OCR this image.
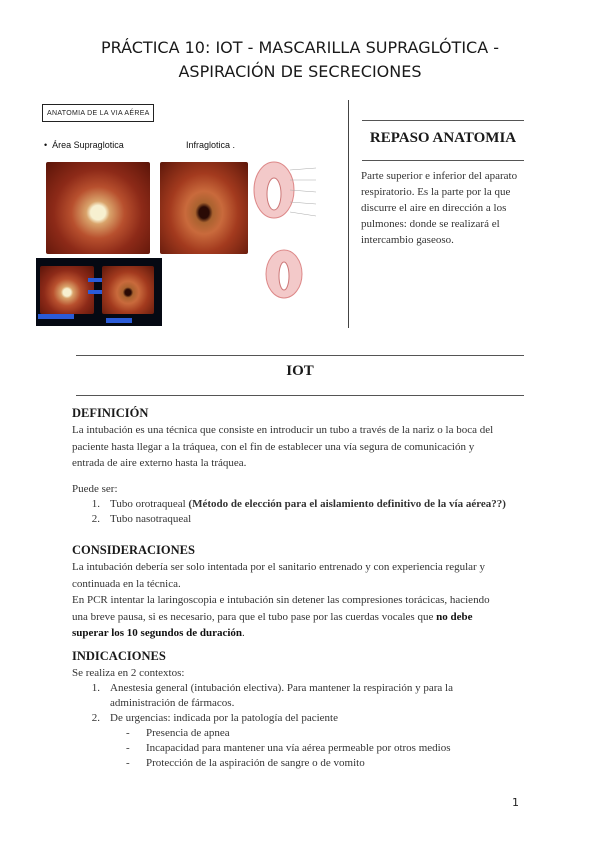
PRÁCTICA 10: IOT - MASCARILLA SUPRAGLÓTICA -
ASPIRACIÓN DE SECRECIONES
ANATOMIA DE LA VIA AÉREA
•  Área Supraglotica	Infraglotica .	REPASO ANATOMIA
Parte superior e inferior del aparato respiratorio. Es la parte por la que discurre el aire en dirección a los pulmones: donde se realizará el intercambio gaseoso.
IOT
DEFINICIÓN
La intubación es una técnica que consiste en introducir un tubo a través de la nariz o la boca del
paciente hasta llegar a la tráquea, con el fin de establecer una vía segura de comunicación y
entrada de aire externo hasta la tráquea.
Puede ser:
1. Tubo orotraqueal (Método de elección para el aislamiento definitivo de la vía aérea??)
2. Tubo nasotraqueal
CONSIDERACIONES
La intubación debería ser solo intentada por el sanitario entrenado y con experiencia regular y
continuada en la técnica.
En PCR intentar la laringoscopia e intubación sin detener las compresiones torácicas, haciendo
una breve pausa, si es necesario, para que el tubo pase por las cuerdas vocales que no debe
superar los 10 segundos de duración.
INDICACIONES
Se realiza en 2 contextos:
1. Anestesia general (intubación electiva). Para mantener la respiración y para la
administración de fármacos.
2. De urgencias: indicada por la patología del paciente
- Presencia de apnea
- Incapacidad para mantener una vía aérea permeable por otros medios
- Protección de la aspiración de sangre o de vomito
1
